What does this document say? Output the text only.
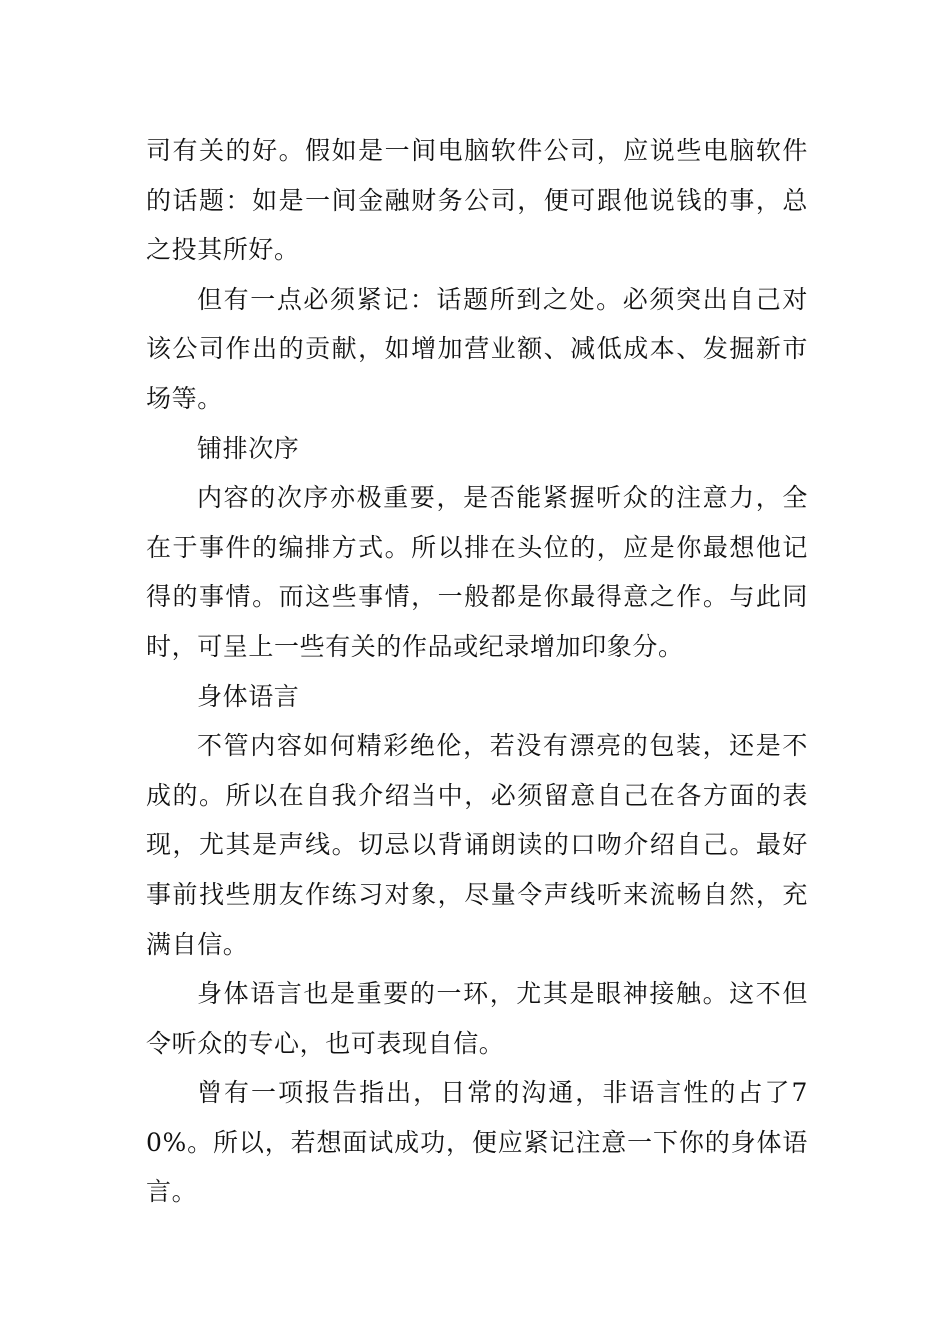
司有关的好。假如是一间电脑软件公司，应说些电脑软件的话题：如是一间金融财务公司，便可跟他说钱的事，总之投其所好。

但有一点必须紧记：话题所到之处。必须突出自己对该公司作出的贡献，如增加营业额、减低成本、发掘新市场等。

铺排次序

内容的次序亦极重要，是否能紧握听众的注意力，全在于事件的编排方式。所以排在头位的，应是你最想他记得的事情。而这些事情，一般都是你最得意之作。与此同时，可呈上一些有关的作品或纪录增加印象分。

身体语言

不管内容如何精彩绝伦，若没有漂亮的包装，还是不成的。所以在自我介绍当中，必须留意自己在各方面的表现，尤其是声线。切忌以背诵朗读的口吻介绍自己。最好事前找些朋友作练习对象，尽量令声线听来流畅自然，充满自信。

身体语言也是重要的一环，尤其是眼神接触。这不但令听众的专心，也可表现自信。

曾有一项报告指出，日常的沟通，非语言性的占了70%。所以，若想面试成功，便应紧记注意一下你的身体语言。
